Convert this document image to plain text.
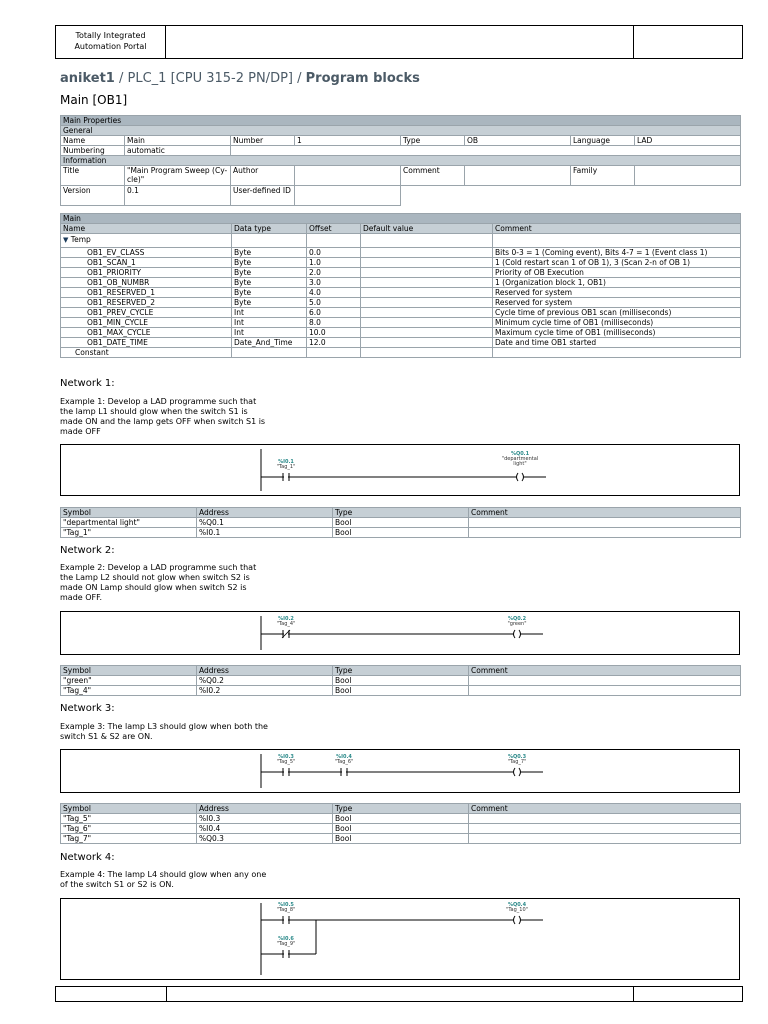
Totally Integrated
Automation Portal
aniket1 / PLC_1 [CPU 315-2 PN/DP] / Program blocks
Main [OB1]
Main Properties							
General							
Name	Main	Number	1	Type	OB	Language	LAD
Numbering	automatic						
Information							
Title	"Main Program Sweep (Cy- cle)"	Author		Comment		Family	
Version	0.1	User-defined ID					
Main				
Name	Data type	Offset	Default value	Comment
▼ Temp				
OB1_EV_CLASS	Byte	0.0		Bits 0-3 = 1 (Coming event), Bits 4-7 = 1 (Event class 1)
OB1_SCAN_1	Byte	1.0		1 (Cold restart scan 1 of OB 1), 3 (Scan 2-n of OB 1)
OB1_PRIORITY	Byte	2.0		Priority of OB Execution
OB1_OB_NUMBR	Byte	3.0		1 (Organization block 1, OB1)
OB1_RESERVED_1	Byte	4.0		Reserved for system
OB1_RESERVED_2	Byte	5.0		Reserved for system
OB1_PREV_CYCLE	Int	6.0		Cycle time of previous OB1 scan (milliseconds)
OB1_MIN_CYCLE	Int	8.0		Minimum cycle time of OB1 (milliseconds)
OB1_MAX_CYCLE	Int	10.0		Maximum cycle time of OB1 (milliseconds)
OB1_DATE_TIME	Date_And_Time	12.0		Date and time OB1 started
Constant				
Network 1:
Example 1: Develop a LAD programme such that the lamp L1 should glow when the switch S1 is made ON and the lamp gets OFF when switch S1 is made OFF
%I0.1
"Tag_1"
%Q0.1
"departmental
light"
Symbol	Address	Type	Comment
"departmental light"	%Q0.1	Bool	
"Tag_1"	%I0.1	Bool	
Network 2:
Example 2: Develop a LAD programme such that the Lamp L2 should not glow when switch S2 is made ON Lamp should glow when switch S2 is made OFF.
%I0.2
"Tag_4"
%Q0.2
"green"
Symbol	Address	Type	Comment
"green"	%Q0.2	Bool	
"Tag_4"	%I0.2	Bool	
Network 3:
Example 3: The lamp L3 should glow when both the switch S1 & S2 are ON.
%I0.3
"Tag_5"
%I0.4
"Tag_6"
%Q0.3
"Tag_7"
Symbol	Address	Type	Comment
"Tag_5"	%I0.3	Bool	
"Tag_6"	%I0.4	Bool	
"Tag_7"	%Q0.3	Bool	
Network 4:
Example 4: The lamp L4 should glow when any one of the switch S1 or S2 is ON.
%I0.5
"Tag_8"
%I0.6
"Tag_9"
%Q0.4
"Tag_10"
